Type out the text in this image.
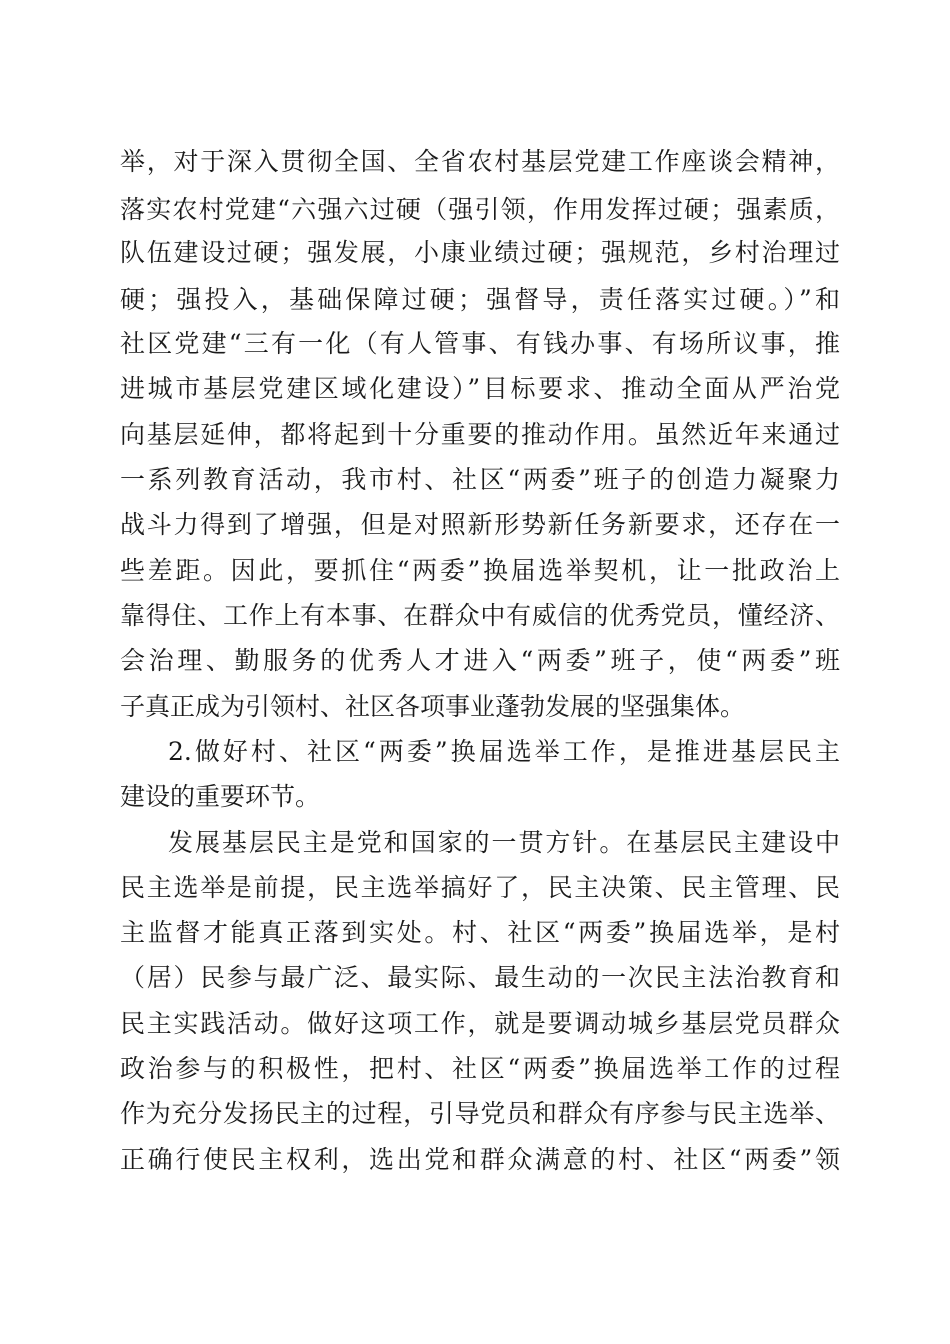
举，对于深入贯彻全国、全省农村基层党建工作座谈会精神，
落实农村党建“六强六过硬（强引领，作用发挥过硬；强素质，
队伍建设过硬；强发展，小康业绩过硬；强规范，乡村治理过
硬；强投入，基础保障过硬；强督导，责任落实过硬。）”和
社区党建“三有一化（有人管事、有钱办事、有场所议事，推
进城市基层党建区域化建设）”目标要求、推动全面从严治党
向基层延伸，都将起到十分重要的推动作用。虽然近年来通过
一系列教育活动，我市村、社区“两委”班子的创造力凝聚力
战斗力得到了增强，但是对照新形势新任务新要求，还存在一
些差距。因此，要抓住“两委”换届选举契机，让一批政治上
靠得住、工作上有本事、在群众中有威信的优秀党员，懂经济、
会治理、勤服务的优秀人才进入“两委”班子，使“两委”班
子真正成为引领村、社区各项事业蓬勃发展的坚强集体。
2.做好村、社区“两委”换届选举工作，是推进基层民主
建设的重要环节。
发展基层民主是党和国家的一贯方针。在基层民主建设中
民主选举是前提，民主选举搞好了，民主决策、民主管理、民
主监督才能真正落到实处。村、社区“两委”换届选举，是村
（居）民参与最广泛、最实际、最生动的一次民主法治教育和
民主实践活动。做好这项工作，就是要调动城乡基层党员群众
政治参与的积极性，把村、社区“两委”换届选举工作的过程
作为充分发扬民主的过程，引导党员和群众有序参与民主选举、
正确行使民主权利，选出党和群众满意的村、社区“两委”领
